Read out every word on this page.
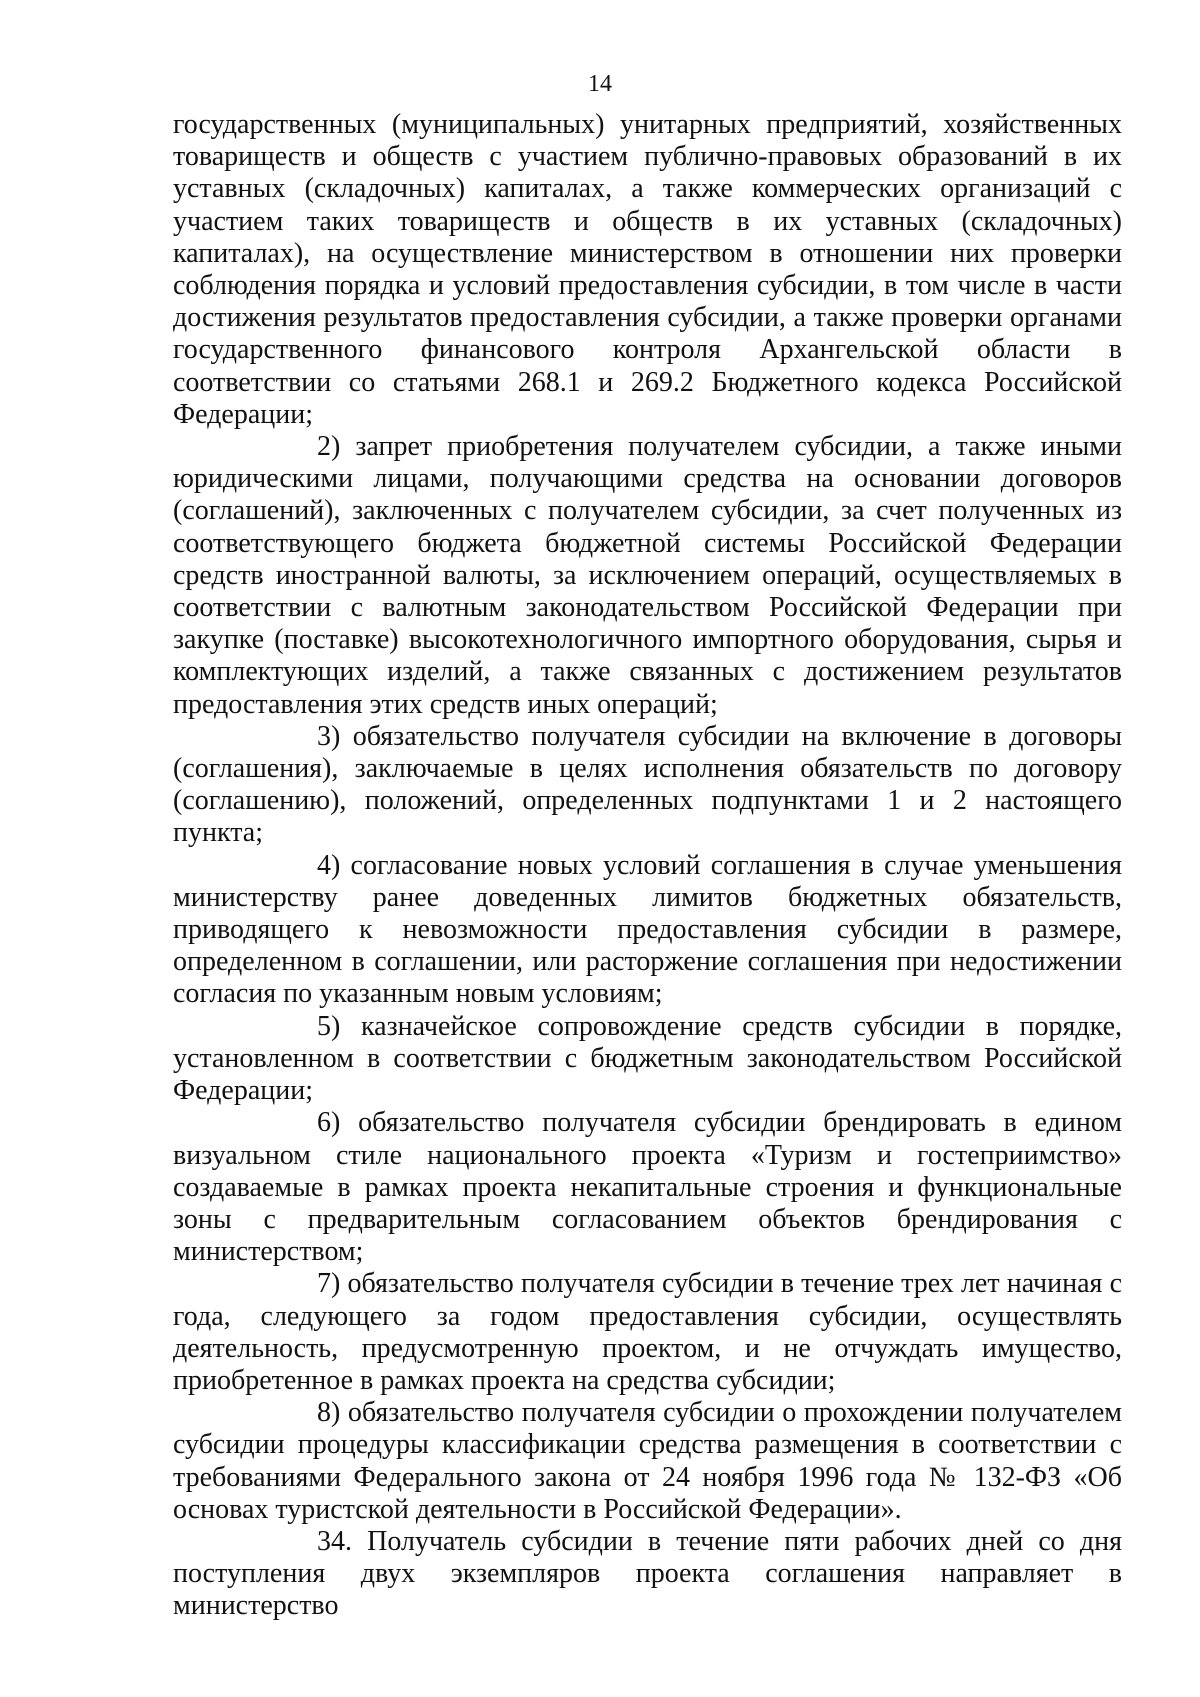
14

государственных (муниципальных) унитарных предприятий, хозяйственных товариществ и обществ с участием публично-правовых образований в их уставных (складочных) капиталах, а также коммерческих организаций с участием таких товариществ и обществ в их уставных (складочных) капиталах), на осуществление министерством в отношении них проверки соблюдения порядка и условий предоставления субсидии, в том числе в части достижения результатов предоставления субсидии, а также проверки органами государственного финансового контроля Архангельской области в соответствии со статьями 268.1 и 269.2 Бюджетного кодекса Российской Федерации;

2) запрет приобретения получателем субсидии, а также иными юридическими лицами, получающими средства на основании договоров (соглашений), заключенных с получателем субсидии, за счет полученных из соответствующего бюджета бюджетной системы Российской Федерации средств иностранной валюты, за исключением операций, осуществляемых в соответствии с валютным законодательством Российской Федерации при закупке (поставке) высокотехнологичного импортного оборудования, сырья и комплектующих изделий, а также связанных с достижением результатов предоставления этих средств иных операций;

3) обязательство получателя субсидии на включение в договоры (соглашения), заключаемые в целях исполнения обязательств по договору (соглашению), положений, определенных подпунктами 1 и 2 настоящего пункта;

4) согласование новых условий соглашения в случае уменьшения министерству ранее доведенных лимитов бюджетных обязательств, приводящего к невозможности предоставления субсидии в размере, определенном в соглашении, или расторжение соглашения при недостижении согласия по указанным новым условиям;

5) казначейское сопровождение средств субсидии в порядке, установленном в соответствии с бюджетным законодательством Российской Федерации;

6) обязательство получателя субсидии брендировать в едином визуальном стиле национального проекта «Туризм и гостеприимство» создаваемые в рамках проекта некапитальные строения и функциональные зоны с предварительным согласованием объектов брендирования с министерством;

7) обязательство получателя субсидии в течение трех лет начиная с года, следующего за годом предоставления субсидии, осуществлять деятельность, предусмотренную проектом, и не отчуждать имущество, приобретенное в рамках проекта на средства субсидии;

8) обязательство получателя субсидии о прохождении получателем субсидии процедуры классификации средства размещения в соответствии с требованиями Федерального закона от 24 ноября 1996 года № 132-ФЗ «Об основах туристской деятельности в Российской Федерации».

34. Получатель субсидии в течение пяти рабочих дней со дня поступления двух экземпляров проекта соглашения направляет в министерство
